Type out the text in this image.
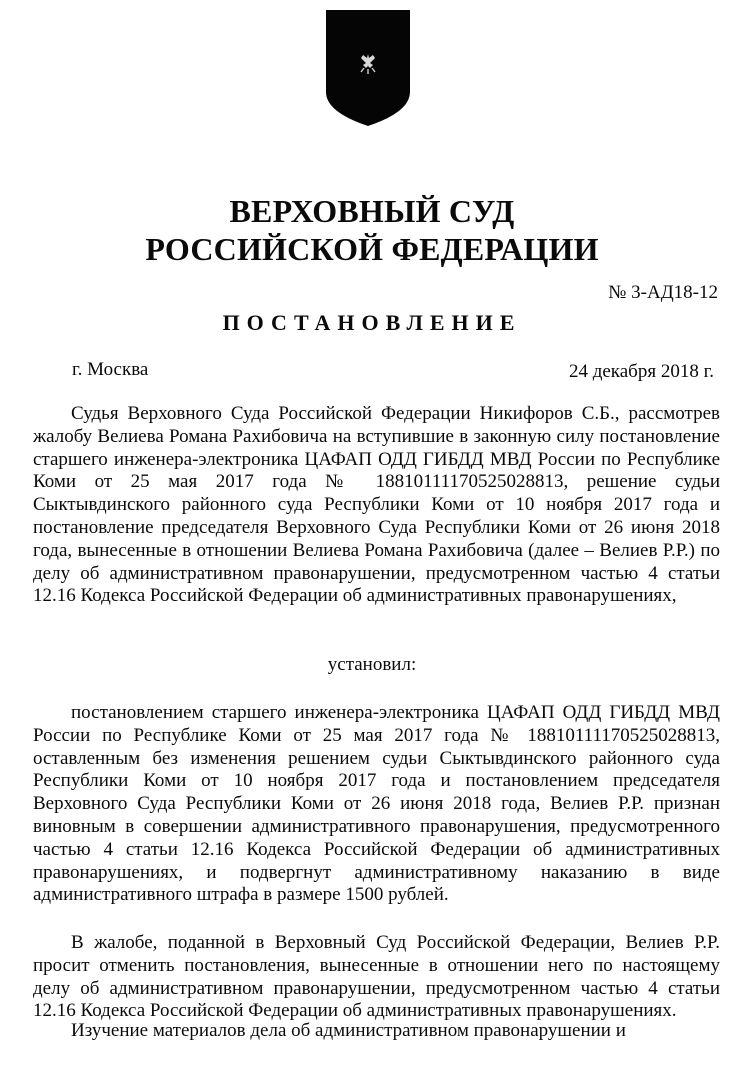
ВЕРХОВНЫЙ СУД
РОССИЙСКОЙ ФЕДЕРАЦИИ
№ 3-АД18-12
ПОСТАНОВЛЕНИЕ
г. Москва	24 декабря 2018 г.

Судья Верховного Суда Российской Федерации Никифоров С.Б., рассмотрев жалобу Велиева Романа Рахибовича на вступившие в законную силу постановление старшего инженера-электроника ЦАФАП ОДД ГИБДД МВД России по Республике Коми от 25 мая 2017 года № 18810111170525028813, решение судьи Сыктывдинского районного суда Республики Коми от 10 ноября 2017 года и постановление председателя Верховного Суда Республики Коми от 26 июня 2018 года, вынесенные в отношении Велиева Романа Рахибовича (далее – Велиев Р.Р.) по делу об административном правонарушении, предусмотренном частью 4 статьи 12.16 Кодекса Российской Федерации об административных правонарушениях,

установил:

постановлением старшего инженера-электроника ЦАФАП ОДД ГИБДД МВД России по Республике Коми от 25 мая 2017 года № 18810111170525028813, оставленным без изменения решением судьи Сыктывдинского районного суда Республики Коми от 10 ноября 2017 года и постановлением председателя Верховного Суда Республики Коми от 26 июня 2018 года, Велиев Р.Р. признан виновным в совершении административного правонарушения, предусмотренного частью 4 статьи 12.16 Кодекса Российской Федерации об административных правонарушениях, и подвергнут административному наказанию в виде административного штрафа в размере 1500 рублей.

В жалобе, поданной в Верховный Суд Российской Федерации, Велиев Р.Р. просит отменить постановления, вынесенные в отношении него по настоящему делу об административном правонарушении, предусмотренном частью 4 статьи 12.16 Кодекса Российской Федерации об административных правонарушениях.

Изучение материалов дела об административном правонарушении и
